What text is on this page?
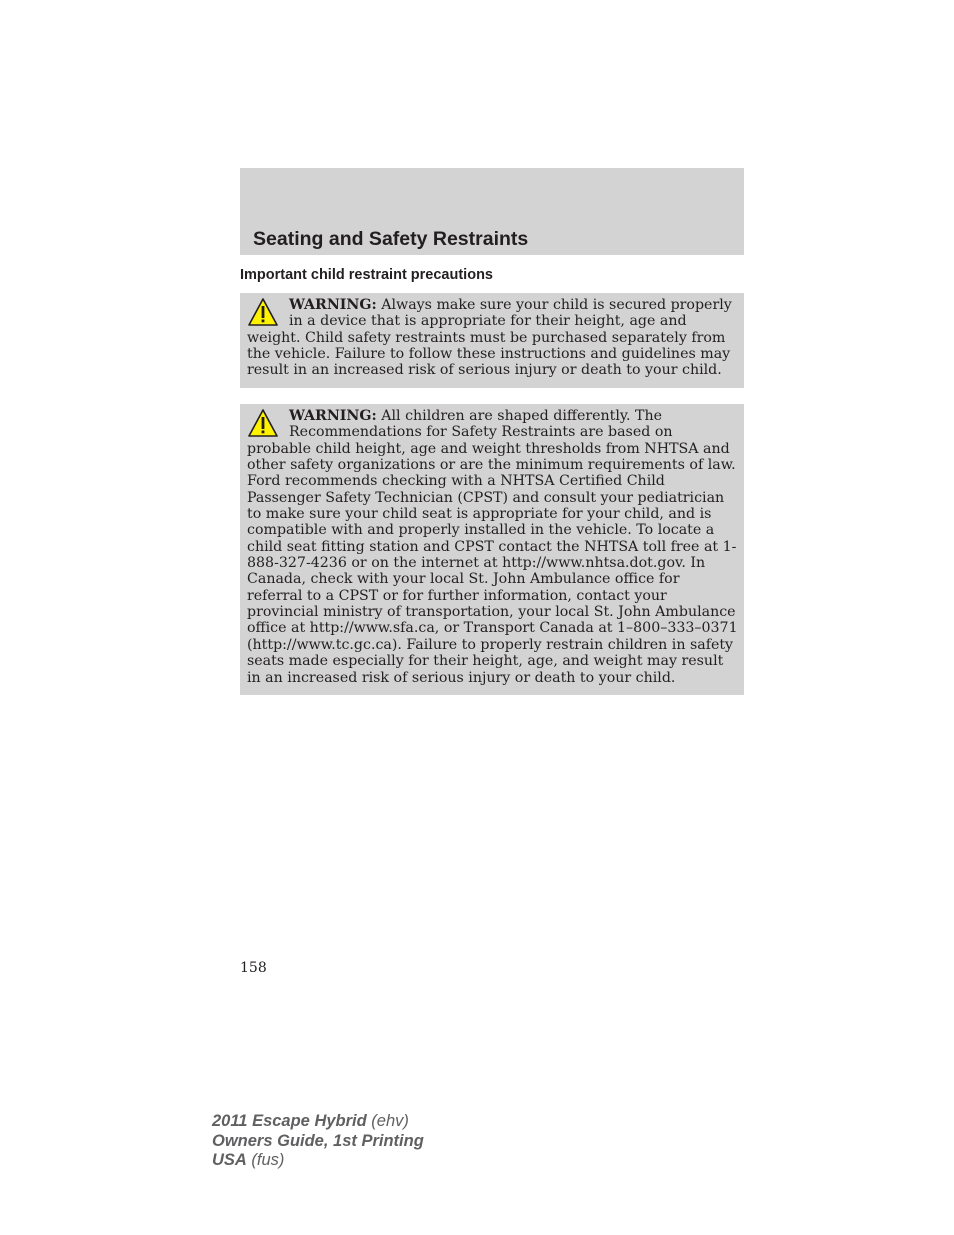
Seating and Safety Restraints
Important child restraint precautions

WARNING: Always make sure your child is secured properly in a device that is appropriate for their height, age and weight. Child safety restraints must be purchased separately from the vehicle. Failure to follow these instructions and guidelines may result in an increased risk of serious injury or death to your child.

WARNING: All children are shaped differently. The Recommendations for Safety Restraints are based on probable child height, age and weight thresholds from NHTSA and other safety organizations or are the minimum requirements of law. Ford recommends checking with a NHTSA Certified Child Passenger Safety Technician (CPST) and consult your pediatrician to make sure your child seat is appropriate for your child, and is compatible with and properly installed in the vehicle. To locate a child seat fitting station and CPST contact the NHTSA toll free at 1-888-327-4236 or on the internet at http://www.nhtsa.dot.gov. In Canada, check with your local St. John Ambulance office for referral to a CPST or for further information, contact your provincial ministry of transportation, your local St. John Ambulance office at http://www.sfa.ca, or Transport Canada at 1–800–333–0371 (http://www.tc.gc.ca). Failure to properly restrain children in safety seats made especially for their height, age, and weight may result in an increased risk of serious injury or death to your child.

158

2011 Escape Hybrid (ehv)

Owners Guide, 1st Printing

USA (fus)
